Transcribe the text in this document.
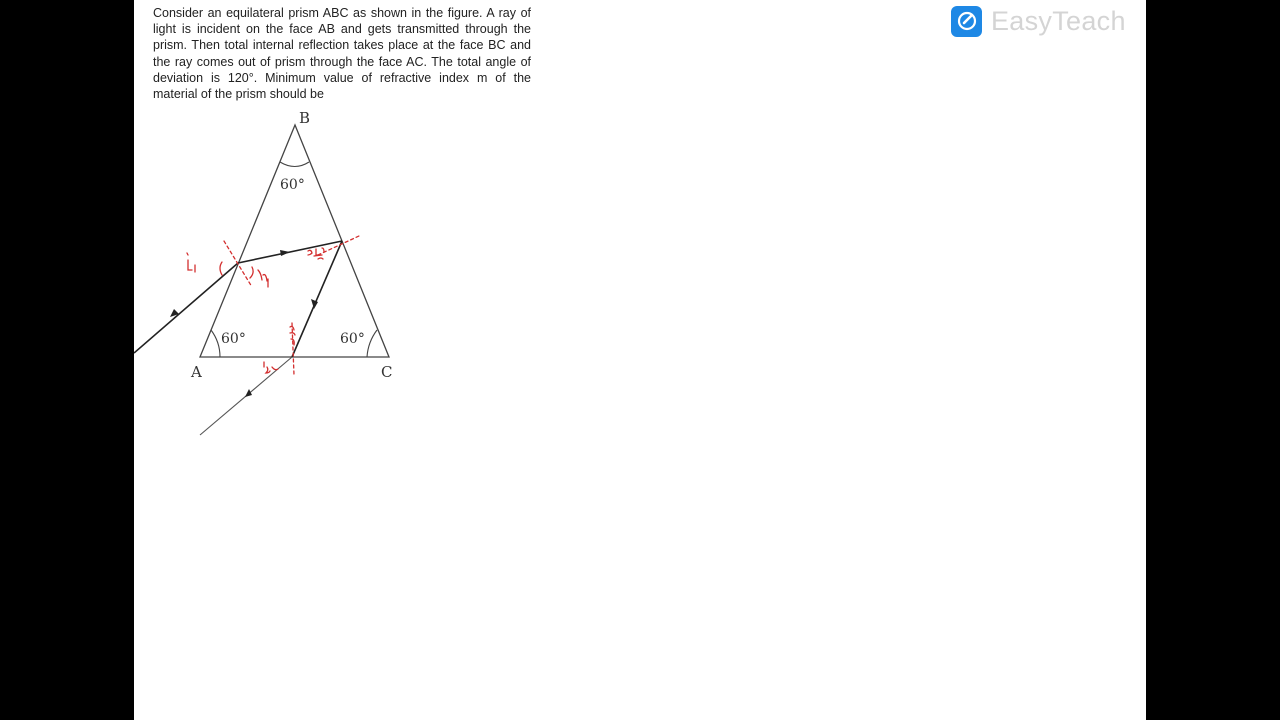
Consider an equilateral prism ABC as shown in the figure. A ray of light is incident on the face AB and gets transmitted through the prism. Then total internal reflection takes place at the face BC and the ray comes out of prism through the face AC. The total angle of deviation is 120°. Minimum value of refractive index m of the material of the prism should be

EasyTeach
B
A	C
60°
60°	60°
